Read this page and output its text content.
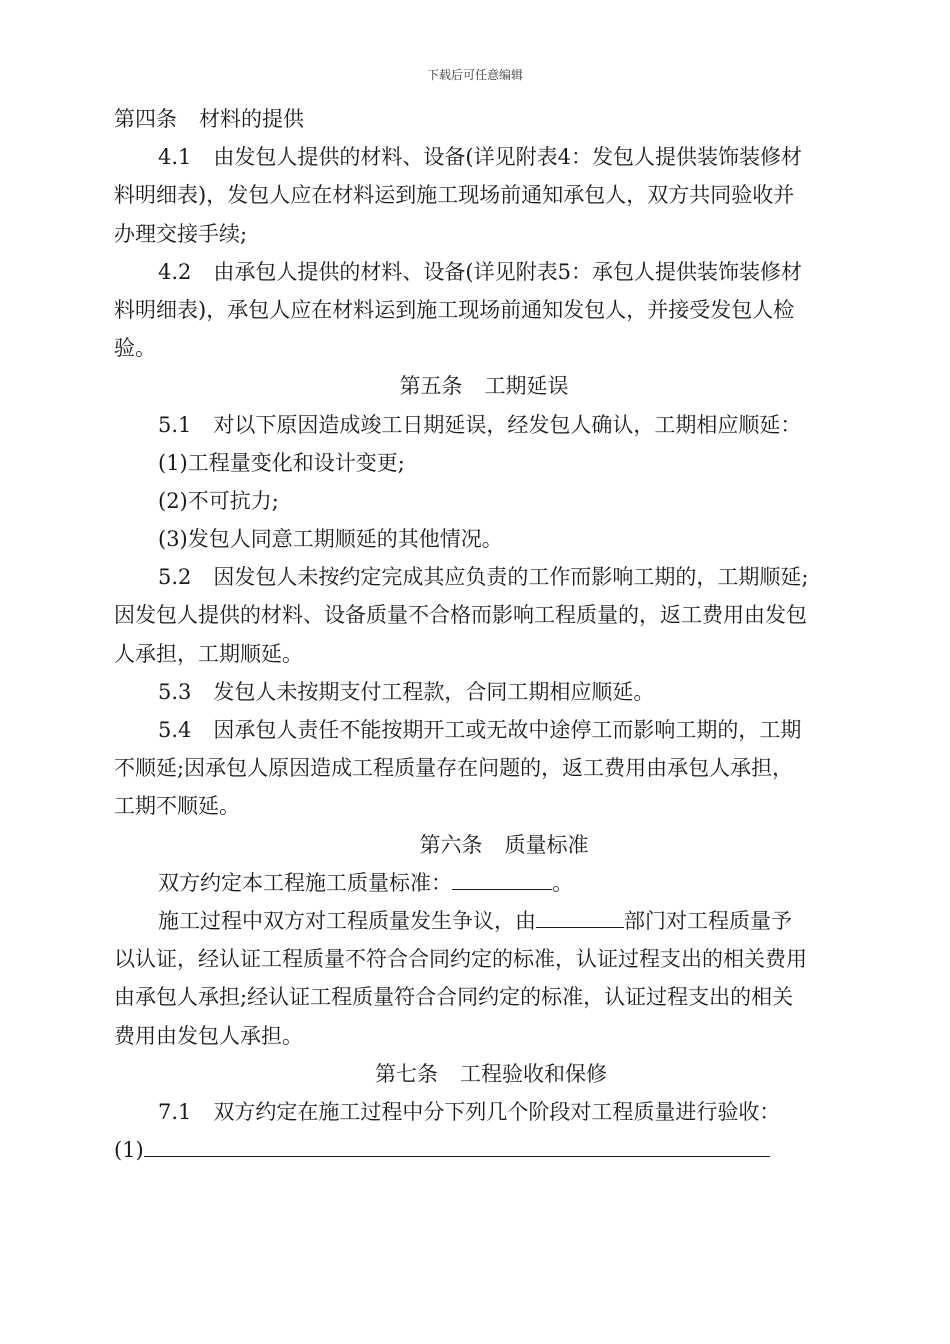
下载后可任意编辑
第四条 材料的提供
4.1 由发包人提供的材料、设备(详见附表4：发包人提供装饰装修材
料明细表)，发包人应在材料运到施工现场前通知承包人，双方共同验收并
办理交接手续;
4.2 由承包人提供的材料、设备(详见附表5：承包人提供装饰装修材
料明细表)，承包人应在材料运到施工现场前通知发包人，并接受发包人检
验。
第五条 工期延误
5.1 对以下原因造成竣工日期延误，经发包人确认，工期相应顺延：
(1)工程量变化和设计变更;
(2)不可抗力;
(3)发包人同意工期顺延的其他情况。
5.2 因发包人未按约定完成其应负责的工作而影响工期的，工期顺延;
因发包人提供的材料、设备质量不合格而影响工程质量的，返工费用由发包
人承担，工期顺延。
5.3 发包人未按期支付工程款，合同工期相应顺延。
5.4 因承包人责任不能按期开工或无故中途停工而影响工期的，工期
不顺延;因承包人原因造成工程质量存在问题的，返工费用由承包人承担，
工期不顺延。
第六条 质量标准
双方约定本工程施工质量标准：	。
施工过程中双方对工程质量发生争议，由	部门对工程质量予
以认证，经认证工程质量不符合合同约定的标准，认证过程支出的相关费用
由承包人承担;经认证工程质量符合合同约定的标准，认证过程支出的相关
费用由发包人承担。
第七条 工程验收和保修
7.1 双方约定在施工过程中分下列几个阶段对工程质量进行验收：
(1)
